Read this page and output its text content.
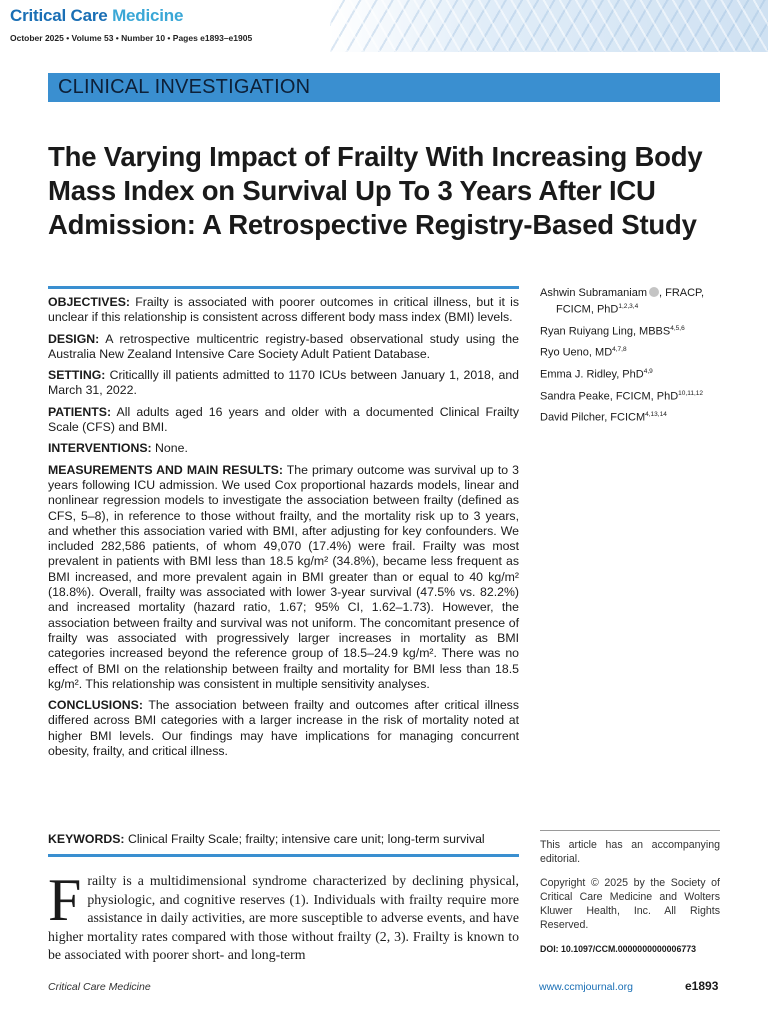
Critical Care Medicine
October 2025 • Volume 53 • Number 10 • Pages e1893–e1905
CLINICAL INVESTIGATION
The Varying Impact of Frailty With Increasing Body Mass Index on Survival Up To 3 Years After ICU Admission: A Retrospective Registry-Based Study

OBJECTIVES: Frailty is associated with poorer outcomes in critical illness, but it is unclear if this relationship is consistent across different body mass index (BMI) levels.

DESIGN: A retrospective multicentric registry-based observational study using the Australia New Zealand Intensive Care Society Adult Patient Database.

SETTING: Criticallly ill patients admitted to 1170 ICUs between January 1, 2018, and March 31, 2022.

PATIENTS: All adults aged 16 years and older with a documented Clinical Frailty Scale (CFS) and BMI.

INTERVENTIONS: None.

MEASUREMENTS AND MAIN RESULTS: The primary outcome was survival up to 3 years following ICU admission. We used Cox proportional hazards models, linear and nonlinear regression models to investigate the association between frailty (defined as CFS, 5–8), in reference to those without frailty, and the mortality risk up to 3 years, and whether this association varied with BMI, after adjusting for key confounders. We included 282,586 patients, of whom 49,070 (17.4%) were frail. Frailty was most prevalent in patients with BMI less than 18.5 kg/m² (34.8%), became less frequent as BMI increased, and more prevalent again in BMI greater than or equal to 40 kg/m² (18.8%). Overall, frailty was associated with lower 3-year survival (47.5% vs. 82.2%) and increased mortality (hazard ratio, 1.67; 95% CI, 1.62–1.73). However, the association between frailty and survival was not uniform. The concomitant presence of frailty was associated with progressively larger increases in mortality as BMI categories increased beyond the reference group of 18.5–24.9 kg/m². There was no effect of BMI on the relationship between frailty and mortality for BMI less than 18.5 kg/m². This relationship was consistent in multiple sensitivity analyses.

CONCLUSIONS: The association between frailty and outcomes after critical illness differed across BMI categories with a larger increase in the risk of mortality noted at higher BMI levels. Our findings may have implications for managing concurrent obesity, frailty, and critical illness.

KEYWORDS: Clinical Frailty Scale; frailty; intensive care unit; long-term survival
F railty is a multidimensional syndrome characterized by declining physical, physiologic, and cognitive reserves (1). Individuals with frailty require more assistance in daily activities, are more susceptible to adverse events, and have higher mortality rates compared with those without frailty (2, 3). Frailty is known to be associated with poorer short- and long-term
Ashwin Subramaniam , FRACP,
FCICM, PhD$^{1,2,3,4}$
Ryan Ruiyang Ling, MBBS$^{4,5,6}$
Ryo Ueno, MD$^{4,7,8}$
Emma J. Ridley, PhD$^{4,9}$
Sandra Peake, FCICM, PhD$^{10,11,12}$
David Pilcher, FCICM$^{4,13,14}$

This article has an accompanying editorial.

Copyright © 2025 by the Society of Critical Care Medicine and Wolters Kluwer Health, Inc. All Rights Reserved.

DOI: 10.1097/CCM.0000000000006773

Critical Care Medicine	www.ccmjournal.org	e1893
